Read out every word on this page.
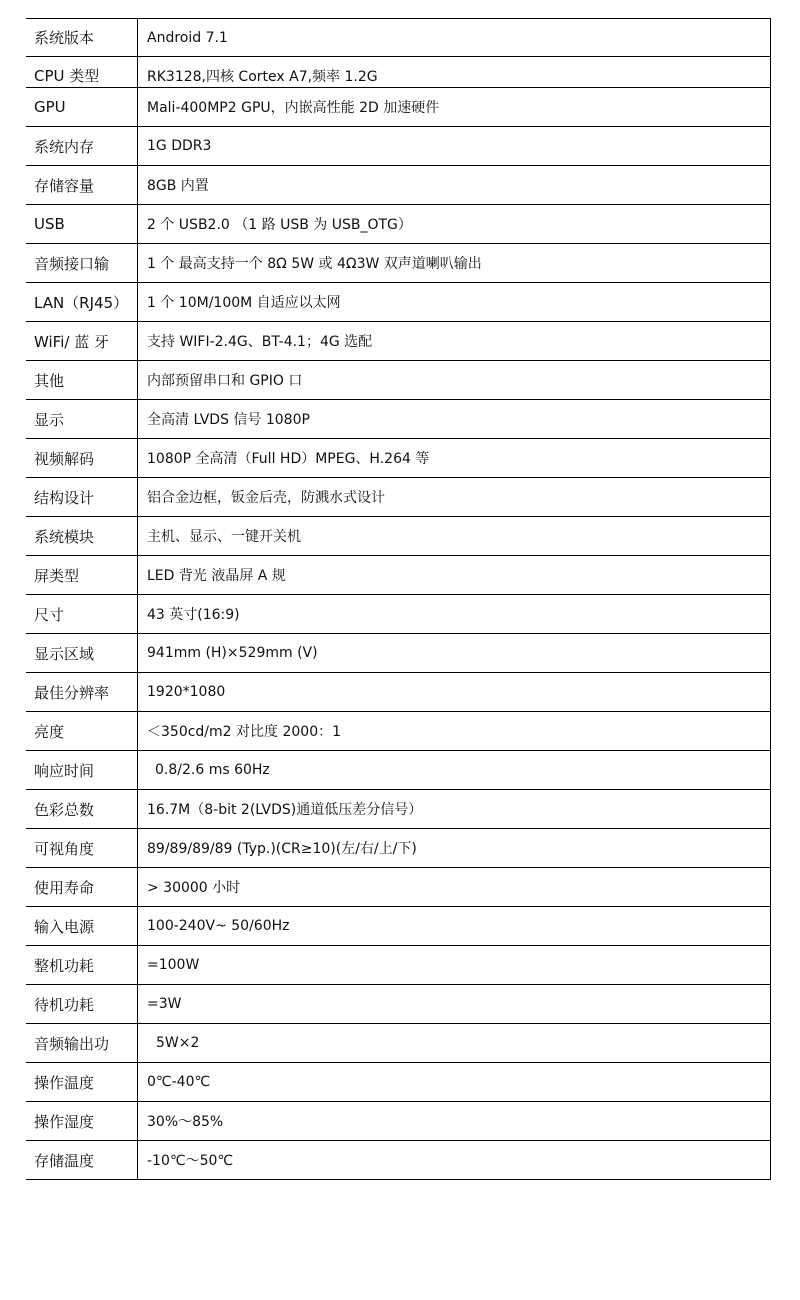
系统版本	Android 7.1
CPU 类型	RK3128,四核 Cortex A7,频率 1.2G
GPU	Mali-400MP2 GPU，内嵌高性能 2D 加速硬件
系统内存	1G DDR3
存储容量	8GB 内置
USB	2 个 USB2.0 （1 路 USB 为 USB_OTG）
音频接口输	1 个 最高支持一个 8Ω 5W 或 4Ω3W 双声道喇叭输出
LAN（RJ45）	1 个 10M/100M 自适应以太网
WiFi/ 蓝 牙	支持 WIFI-2.4G、BT-4.1；4G 选配
其他	内部预留串口和 GPIO 口
显示	全高清 LVDS 信号 1080P
视频解码	1080P 全高清（Full HD）MPEG、H.264 等
结构设计	铝合金边框，钣金后壳，防溅水式设计
系统模块	主机、显示、一键开关机
屏类型	LED 背光 液晶屏 A 规
尺寸	43 英寸(16:9)
显示区域	941mm (H)×529mm (V)
最佳分辨率	1920*1080
亮度	＜350cd/m2 对比度 2000：1
响应时间	0.8/2.6 ms 60Hz
色彩总数	16.7M（8-bit 2(LVDS)通道低压差分信号）
可视角度	89/89/89/89 (Typ.)(CR≥10)(左/右/上/下)
使用寿命	> 30000 小时
输入电源	100-240V~ 50/60Hz
整机功耗	=100W
待机功耗	=3W
音频输出功	5W×2
操作温度	0℃-40℃
操作湿度	30%～85%
存储温度	-10℃～50℃
